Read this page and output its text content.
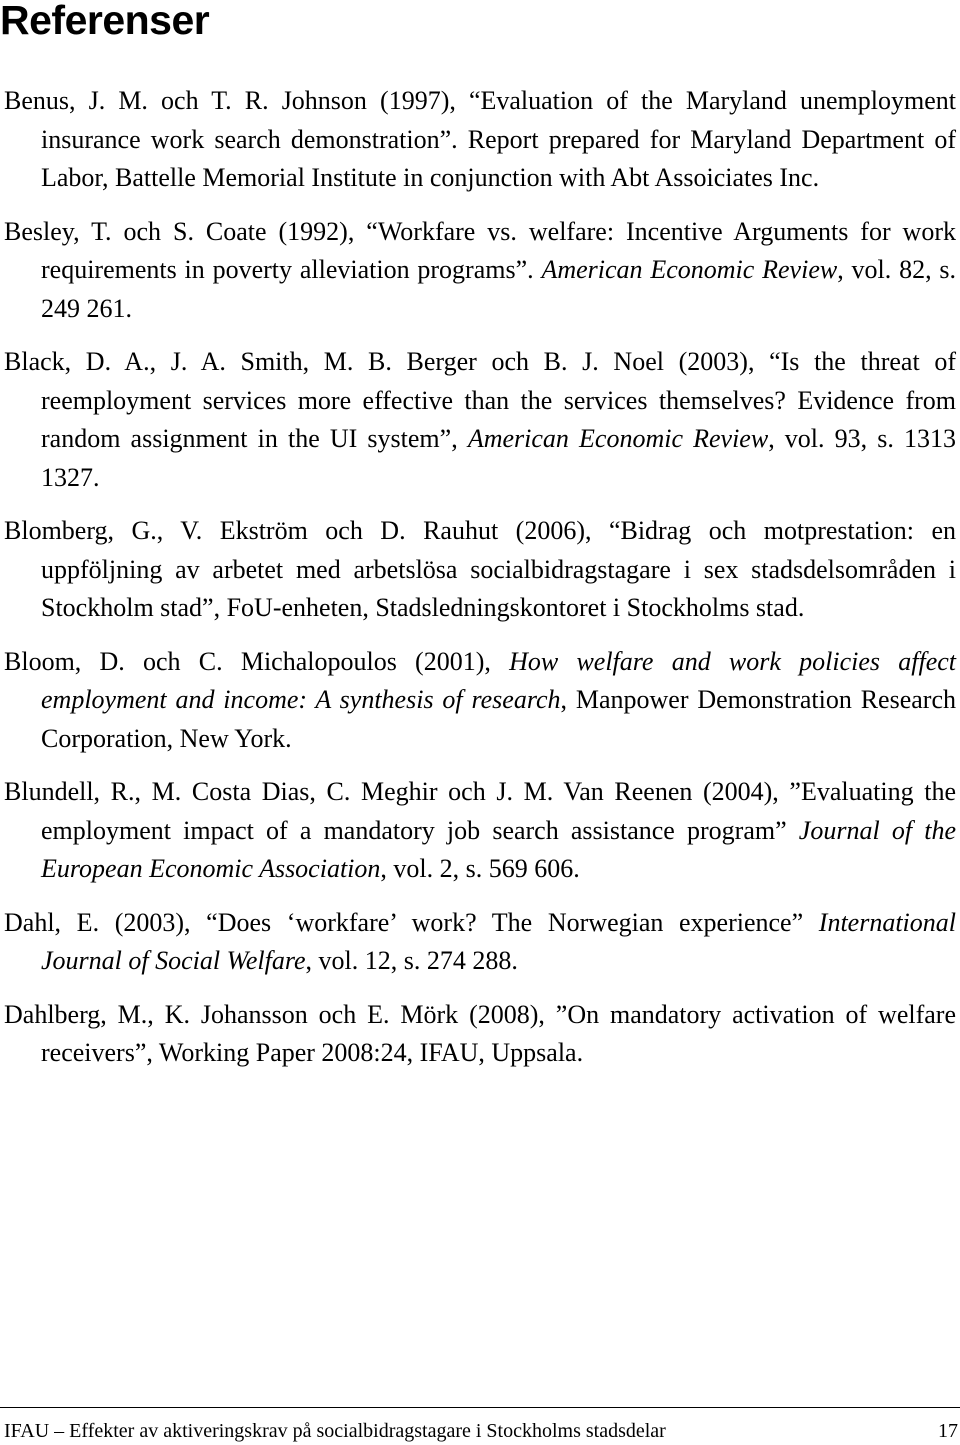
Referenser
Benus, J. M. och T. R. Johnson (1997), “Evaluation of the Maryland unemployment insurance work search demonstration”. Report prepared for Maryland Department of Labor, Battelle Memorial Institute in conjunction with Abt Assoiciates Inc.
Besley, T. och S. Coate (1992), “Workfare vs. welfare: Incentive Arguments for work requirements in poverty alleviation programs”. American Economic Review, vol. 82, s. 249 261.
Black, D. A., J. A. Smith, M. B. Berger och B. J. Noel (2003), “Is the threat of reemployment services more effective than the services themselves? Evidence from random assignment in the UI system”, American Economic Review, vol. 93, s. 1313 1327.
Blomberg, G., V. Ekström och D. Rauhut (2006), “Bidrag och motprestation: en uppföljning av arbetet med arbetslösa socialbidragstagare i sex stadsdelsområden i Stockholm stad”, FoU-enheten, Stadsledningskontoret i Stockholms stad.
Bloom, D. och C. Michalopoulos (2001), How welfare and work policies affect employment and income: A synthesis of research, Manpower Demonstration Research Corporation, New York.
Blundell, R., M. Costa Dias, C. Meghir och J. M. Van Reenen (2004), ”Evaluating the employment impact of a mandatory job search assistance program” Journal of the European Economic Association, vol. 2, s. 569 606.
Dahl, E. (2003), “Does ‘workfare’ work? The Norwegian experience” International Journal of Social Welfare, vol. 12, s. 274 288.
Dahlberg, M., K. Johansson och E. Mörk (2008), ”On mandatory activation of welfare receivers”, Working Paper 2008:24, IFAU, Uppsala.
IFAU – Effekter av aktiveringskrav på socialbidragstagare i Stockholms stadsdelar	17
